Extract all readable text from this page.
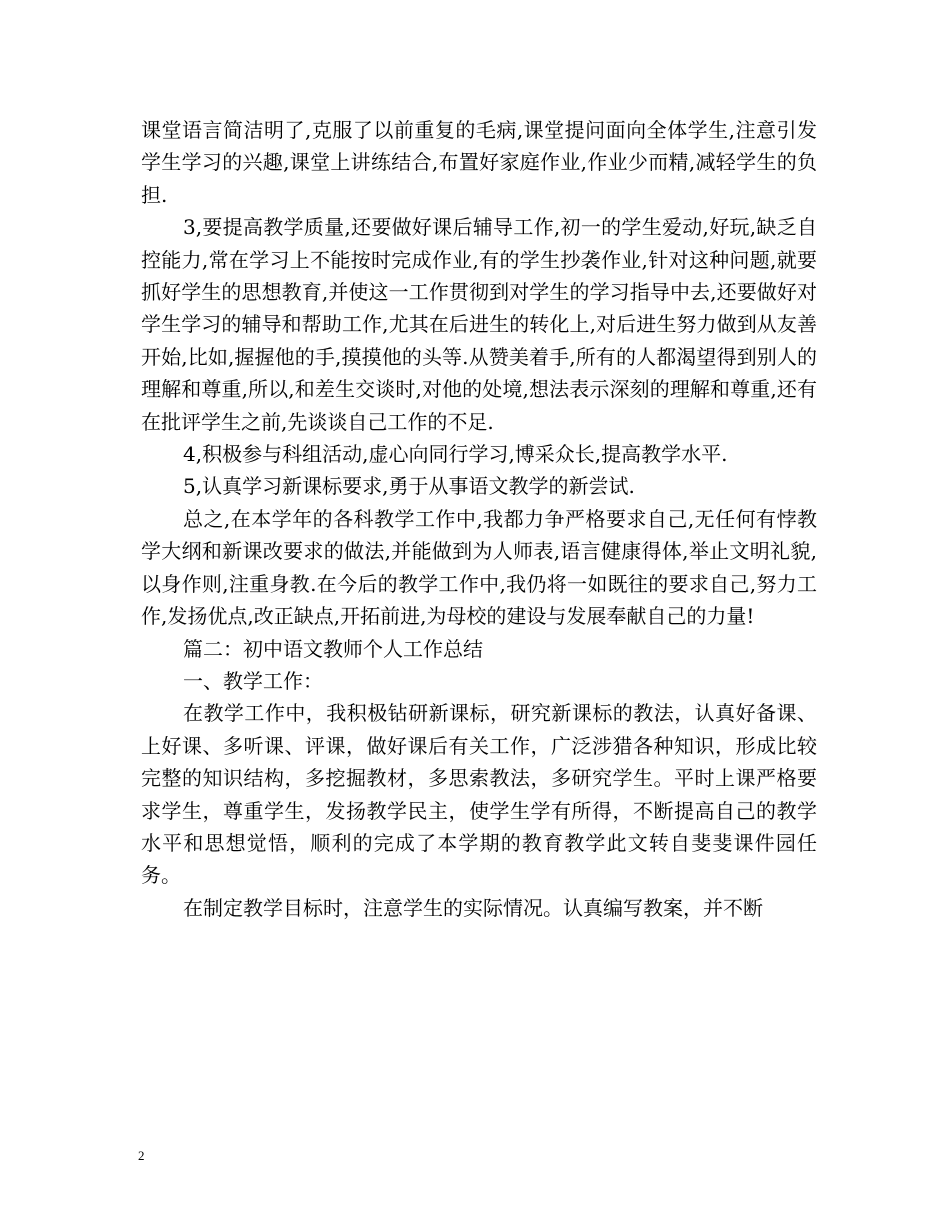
课堂语言简洁明了,克服了以前重复的毛病,课堂提问面向全体学生,注意引发学生学习的兴趣,课堂上讲练结合,布置好家庭作业,作业少而精,减轻学生的负担.

3,要提高教学质量,还要做好课后辅导工作,初一的学生爱动,好玩,缺乏自控能力,常在学习上不能按时完成作业,有的学生抄袭作业,针对这种问题,就要抓好学生的思想教育,并使这一工作贯彻到对学生的学习指导中去,还要做好对学生学习的辅导和帮助工作,尤其在后进生的转化上,对后进生努力做到从友善开始,比如,握握他的手,摸摸他的头等.从赞美着手,所有的人都渴望得到别人的理解和尊重,所以,和差生交谈时,对他的处境,想法表示深刻的理解和尊重,还有在批评学生之前,先谈谈自己工作的不足.

4,积极参与科组活动,虚心向同行学习,博采众长,提高教学水平.

5,认真学习新课标要求,勇于从事语文教学的新尝试.

总之,在本学年的各科教学工作中,我都力争严格要求自己,无任何有悖教学大纲和新课改要求的做法,并能做到为人师表,语言健康得体,举止文明礼貌,以身作则,注重身教.在今后的教学工作中,我仍将一如既往的要求自己,努力工作,发扬优点,改正缺点,开拓前进,为母校的建设与发展奉献自己的力量!

篇二：初中语文教师个人工作总结

一、教学工作：

在教学工作中，我积极钻研新课标，研究新课标的教法，认真好备课、上好课、多听课、评课，做好课后有关工作，广泛涉猎各种知识，形成比较完整的知识结构，多挖掘教材，多思索教法，多研究学生。平时上课严格要求学生，尊重学生，发扬教学民主，使学生学有所得，不断提高自己的教学水平和思想觉悟，顺利的完成了本学期的教育教学此文转自斐斐课件园任务。

在制定教学目标时，注意学生的实际情况。认真编写教案，并不断

2
